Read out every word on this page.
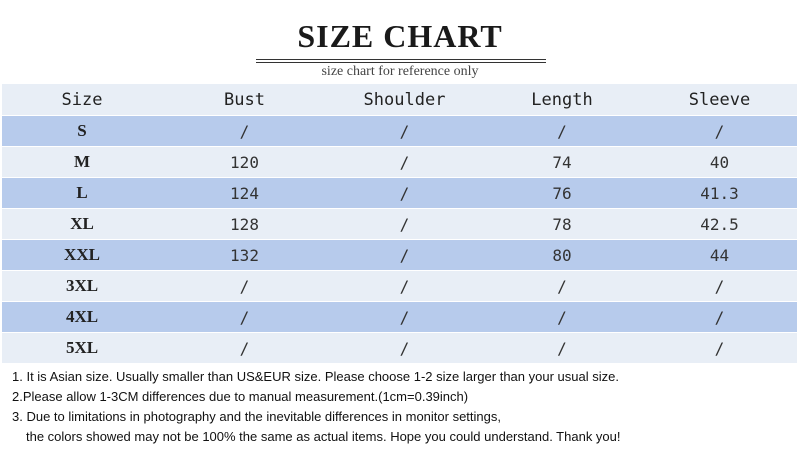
SIZE CHART
size chart for reference only
Size	Bust	Shoulder	Length	Sleeve
S	/	/	/	/
M	120	/	74	40
L	124	/	76	41.3
XL	128	/	78	42.5
XXL	132	/	80	44
3XL	/	/	/	/
4XL	/	/	/	/
5XL	/	/	/	/
1. It is Asian size. Usually smaller than US&EUR size. Please choose 1-2 size larger than your usual size.
2.Please allow 1-3CM differences due to manual measurement.(1cm=0.39inch)
3. Due to limitations in photography and the inevitable differences in monitor settings,
the colors showed may not be 100% the same as actual items. Hope you could understand. Thank you!
